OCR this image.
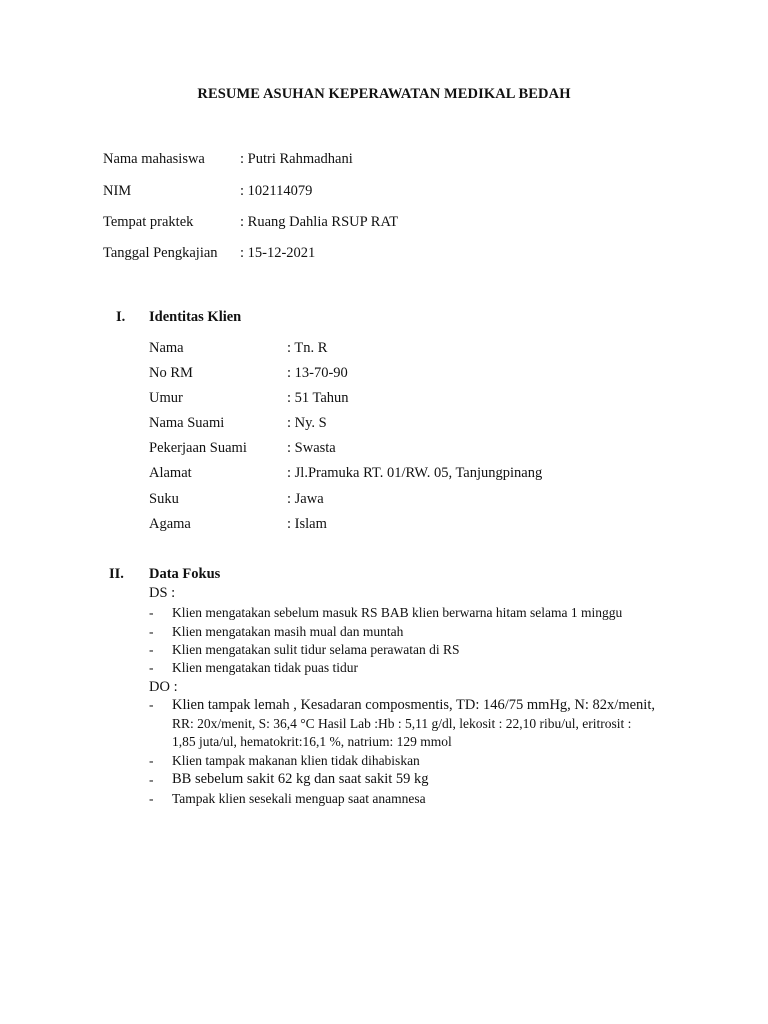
RESUME ASUHAN KEPERAWATAN MEDIKAL BEDAH
Nama mahasiswa : Putri Rahmadhani
NIM	: 102114079
Tempat praktek	: Ruang Dahlia RSUP RAT
Tanggal Pengkajian : 15-12-2021
I. Identitas Klien
Nama	: Tn. R
No RM	: 13-70-90
Umur	: 51 Tahun
Nama Suami	: Ny. S
Pekerjaan Suami	: Swasta
Alamat	: Jl.Pramuka RT. 01/RW. 05, Tanjungpinang
Suku	: Jawa
Agama	: Islam
II. Data Fokus
DS :
- Klien mengatakan sebelum masuk RS BAB klien berwarna hitam selama 1 minggu
- Klien mengatakan masih mual dan muntah
- Klien mengatakan sulit tidur selama perawatan di RS
- Klien mengatakan tidak puas tidur
DO :
- Klien tampak lemah , Kesadaran composmentis, TD: 146/75 mmHg, N: 82x/menit,
RR: 20x/menit, S: 36,4 °C Hasil Lab :Hb : 5,11 g/dl, lekosit : 22,10 ribu/ul, eritrosit :
1,85 juta/ul, hematokrit:16,1 %, natrium: 129 mmol
- Klien tampak makanan klien tidak dihabiskan
- BB sebelum sakit 62 kg dan saat sakit 59 kg
- Tampak klien sesekali menguap saat anamnesa
